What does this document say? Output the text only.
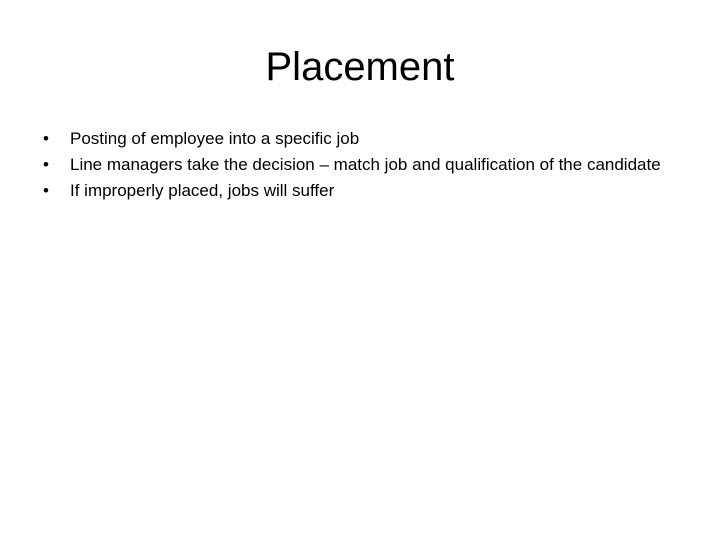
Placement
•	Posting of employee into a specific job
•	Line managers take the decision – match job and qualification of the candidate
•	If improperly placed, jobs will suffer
